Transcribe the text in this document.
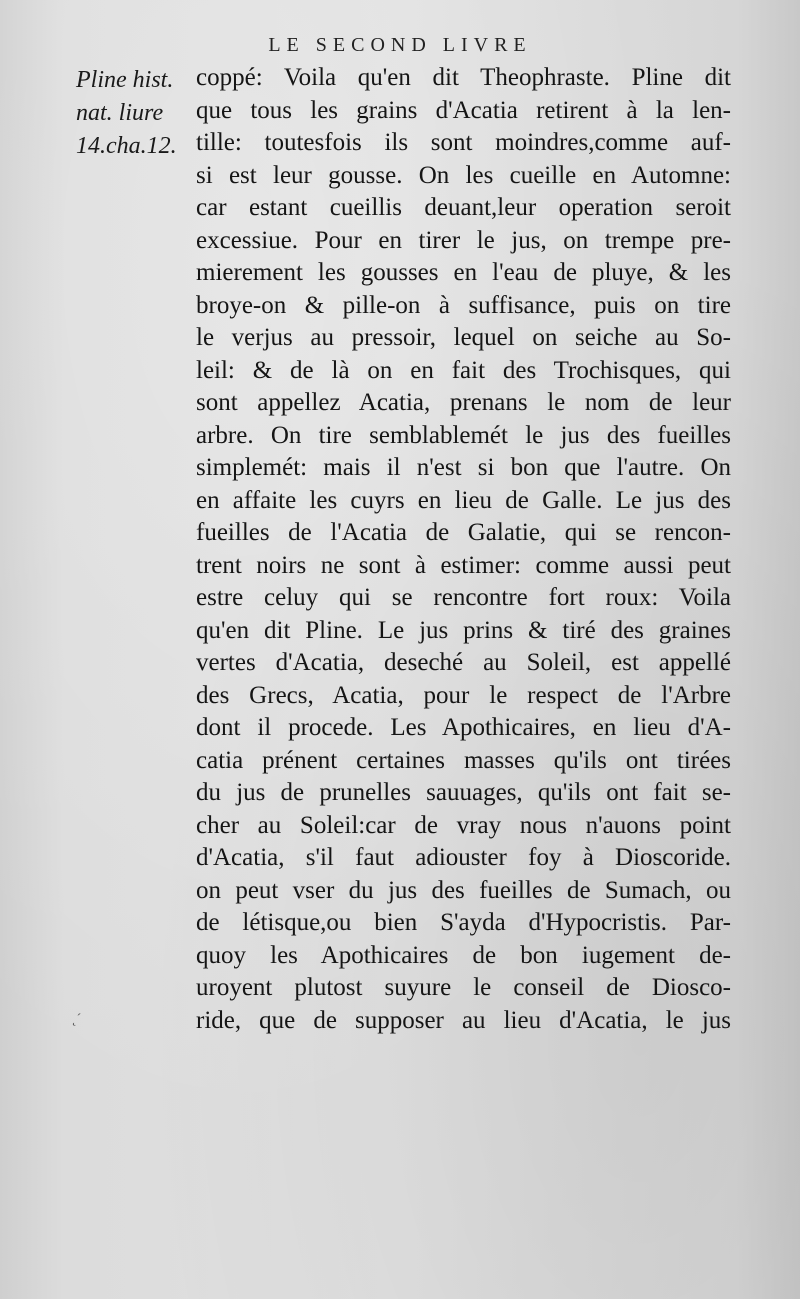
LE SECOND LIVRE
Pline hist.
nat. liure
14.cha.12.
coppé: Voila qu'en dit Theophraste. Pline dit
que tous les grains d'Acatia retirent à la len-
tille: toutesfois ils sont moindres,comme auf-
si est leur gousse. On les cueille en Automne:
car estant cueillis deuant,leur operation seroit
excessiue. Pour en tirer le jus, on trempe pre-
mierement les gousses en l'eau de pluye, & les
broye-on & pille-on à suffisance, puis on tire
le verjus au pressoir, lequel on seiche au So-
leil: & de là on en fait des Trochisques, qui
sont appellez Acatia, prenans le nom de leur
arbre. On tire semblablemét le jus des fueilles
simplemét: mais il n'est si bon que l'autre. On
en affaite les cuyrs en lieu de Galle. Le jus des
fueilles de l'Acatia de Galatie, qui se rencon-
trent noirs ne sont à estimer: comme aussi peut
estre celuy qui se rencontre fort roux: Voila
qu'en dit Pline. Le jus prins & tiré des graines
vertes d'Acatia, deseché au Soleil, est appellé
des Grecs, Acatia, pour le respect de l'Arbre
dont il procede. Les Apothicaires, en lieu d'A-
catia prénent certaines masses qu'ils ont tirées
du jus de prunelles sauuages, qu'ils ont fait se-
cher au Soleil:car de vray nous n'auons point
d'Acatia, s'il faut adiouster foy à Dioscoride.
on peut vser du jus des fueilles de Sumach, ou
de létisque,ou bien S'ayda d'Hypocristis. Par-
quoy les Apothicaires de bon iugement de-
uroyent plutost suyure le conseil de Diosco-
ride, que de supposer au lieu d'Acatia, le jus
˛´
